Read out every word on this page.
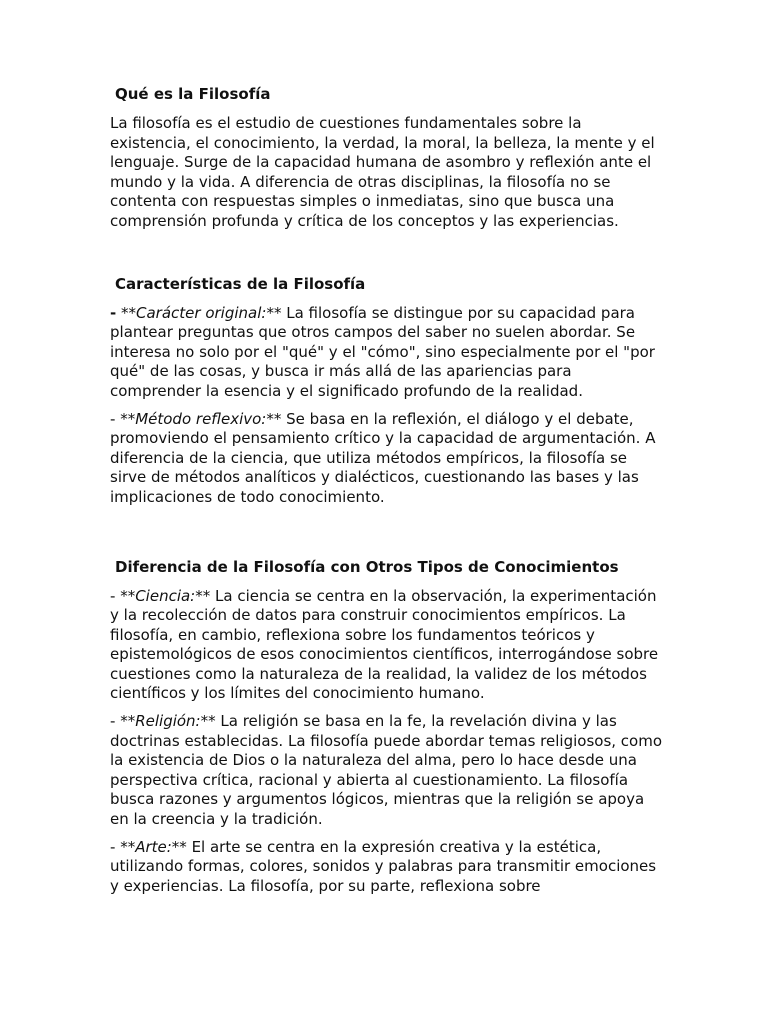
Qué es la Filosofía

La filosofía es el estudio de cuestiones fundamentales sobre la existencia, el conocimiento, la verdad, la moral, la belleza, la mente y el lenguaje. Surge de la capacidad humana de asombro y reflexión ante el mundo y la vida. A diferencia de otras disciplinas, la filosofía no se contenta con respuestas simples o inmediatas, sino que busca una comprensión profunda y crítica de los conceptos y las experiencias.

Características de la Filosofía

- **Carácter original:** La filosofía se distingue por su capacidad para plantear preguntas que otros campos del saber no suelen abordar. Se interesa no solo por el "qué" y el "cómo", sino especialmente por el "por qué" de las cosas, y busca ir más allá de las apariencias para comprender la esencia y el significado profundo de la realidad.

- **Método reflexivo:** Se basa en la reflexión, el diálogo y el debate, promoviendo el pensamiento crítico y la capacidad de argumentación. A diferencia de la ciencia, que utiliza métodos empíricos, la filosofía se sirve de métodos analíticos y dialécticos, cuestionando las bases y las implicaciones de todo conocimiento.

Diferencia de la Filosofía con Otros Tipos de Conocimientos

- **Ciencia:** La ciencia se centra en la observación, la experimentación y la recolección de datos para construir conocimientos empíricos. La filosofía, en cambio, reflexiona sobre los fundamentos teóricos y epistemológicos de esos conocimientos científicos, interrogándose sobre cuestiones como la naturaleza de la realidad, la validez de los métodos científicos y los límites del conocimiento humano.

- **Religión:** La religión se basa en la fe, la revelación divina y las doctrinas establecidas. La filosofía puede abordar temas religiosos, como la existencia de Dios o la naturaleza del alma, pero lo hace desde una perspectiva crítica, racional y abierta al cuestionamiento. La filosofía busca razones y argumentos lógicos, mientras que la religión se apoya en la creencia y la tradición.

- **Arte:** El arte se centra en la expresión creativa y la estética, utilizando formas, colores, sonidos y palabras para transmitir emociones y experiencias. La filosofía, por su parte, reflexiona sobre
